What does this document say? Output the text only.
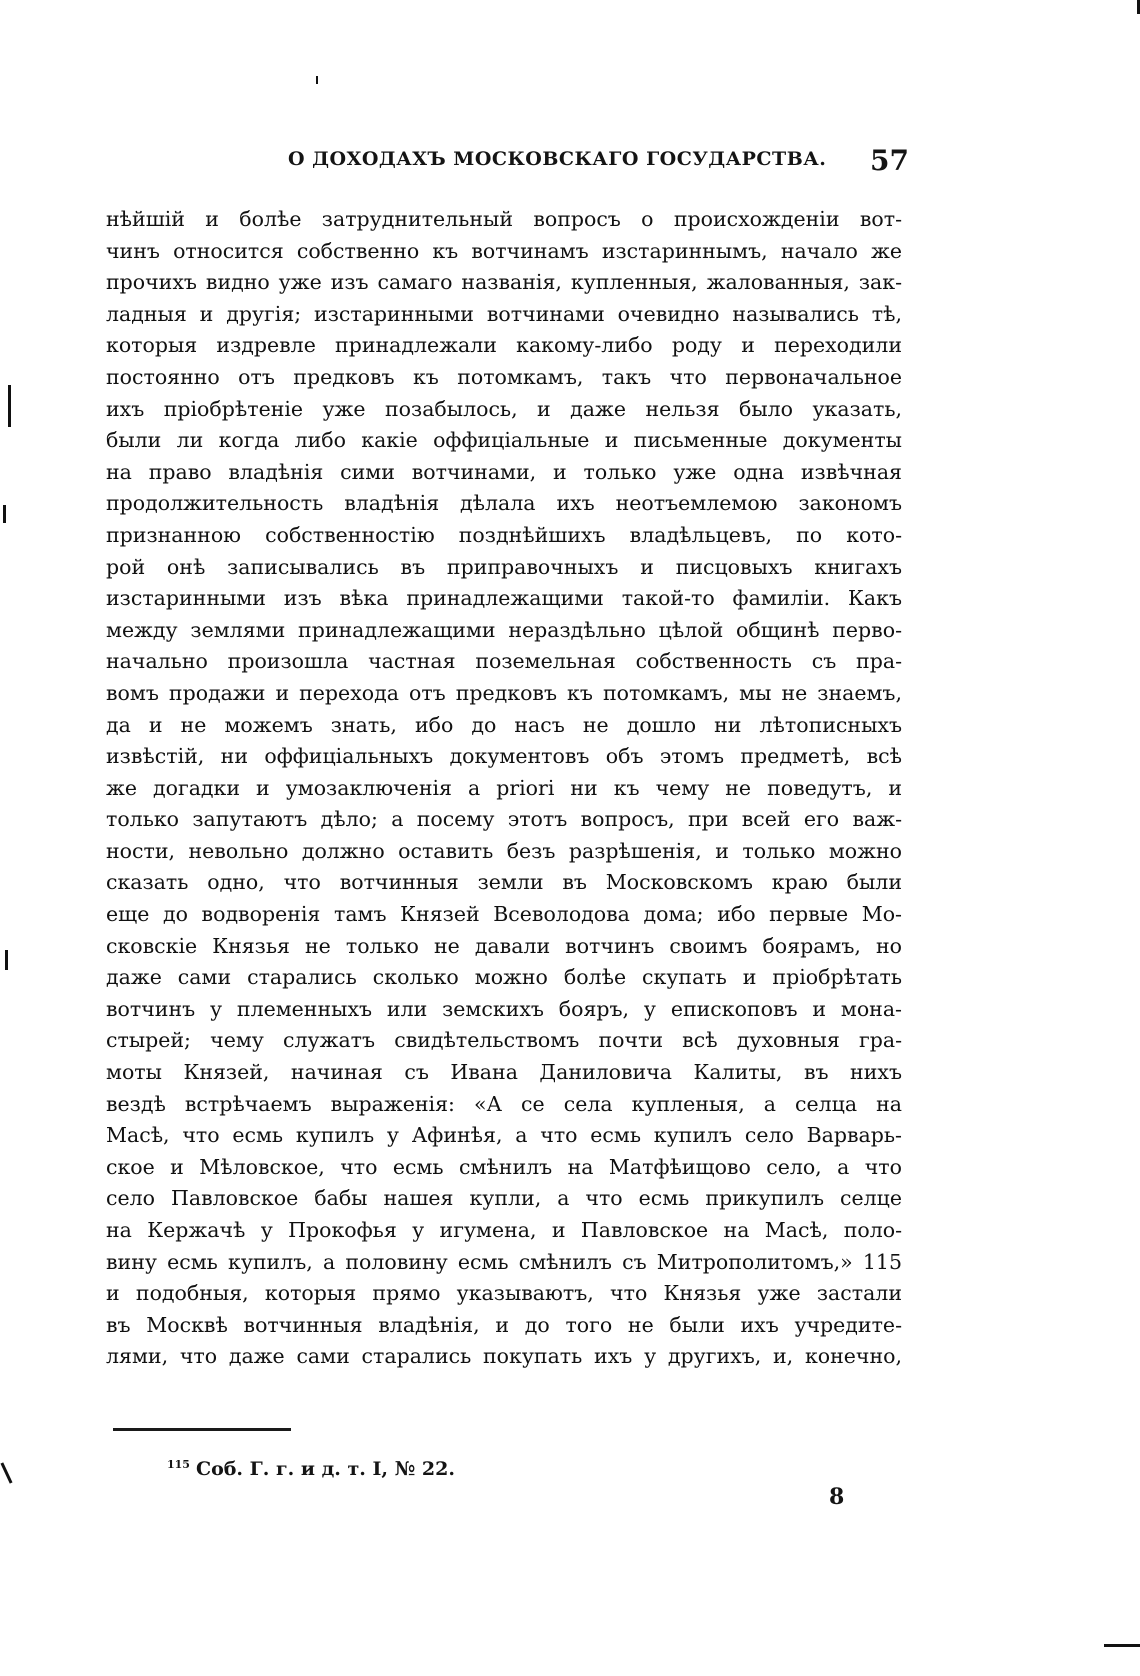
О ДОХОДАХЪ МОСКОВСКАГО ГОСУДАРСТВА. 57
нѣйшій и болѣе затруднительный вопросъ о происхожденіи вот-
чинъ относится собственно къ вотчинамъ изстариннымъ, начало же
прочихъ видно уже изъ самаго названія, купленныя, жалованныя, зак-
ладныя и другія; изстаринными вотчинами очевидно назывались тѣ,
которыя издревле принадлежали какому-либо роду и переходили
постоянно отъ предковъ къ потомкамъ, такъ что первоначальное
ихъ пріобрѣтеніе уже позабылось, и даже нельзя было указать,
были ли когда либо какіе оффиціальные и письменные документы
на право владѣнія сими вотчинами, и только уже одна извѣчная
продолжительность владѣнія дѣлала ихъ неотъемлемою закономъ
признанною собственностію позднѣйшихъ владѣльцевъ, по кото-
рой онѣ записывались въ приправочныхъ и писцовыхъ книгахъ
изстаринными изъ вѣка принадлежащими такой-то фамиліи. Какъ
между землями принадлежащими нераздѣльно цѣлой общинѣ перво-
начально произошла частная поземельная собственность съ пра-
вомъ продажи и перехода отъ предковъ къ потомкамъ, мы не знаемъ,
да и не можемъ знать, ибо до насъ не дошло ни лѣтописныхъ
извѣстій, ни оффиціальныхъ документовъ объ этомъ предметѣ, всѣ
же догадки и умозаключенія a priori ни къ чему не поведутъ, и
только запутаютъ дѣло; а посему этотъ вопросъ, при всей его важ-
ности, невольно должно оставить безъ разрѣшенія, и только можно
сказать одно, что вотчинныя земли въ Московскомъ краю были
еще до водворенія тамъ Князей Всеволодова дома; ибо первые Мо-
сковскіе Князья не только не давали вотчинъ своимъ боярамъ, но
даже сами старались сколько можно болѣе скупать и пріобрѣтать
вотчинъ у племенныхъ или земскихъ бояръ, у епископовъ и мона-
стырей; чему служатъ свидѣтельствомъ почти всѣ духовныя гра-
моты Князей, начиная съ Ивана Даниловича Калиты, въ нихъ
вездѣ встрѣчаемъ выраженія: «А се села купленыя, а селца на
Масѣ, что есмь купилъ у Афинѣя, а что есмь купилъ село Варварь-
ское и Мѣловское, что есмь смѣнилъ на Матфѣищово село, а что
село Павловское бабы нашея купли, а что есмь прикупилъ селце
на Кержачѣ у Прокофья у игумена, и Павловское на Масѣ, поло-
вину есмь купилъ, а половину есмь смѣнилъ съ Митрополитомъ,» 115
и подобныя, которыя прямо указываютъ, что Князья уже застали
въ Москвѣ вотчинныя владѣнія, и до того не были ихъ учредите-
лями, что даже сами старались покупать ихъ у другихъ, и, конечно,
$^{115}$ Соб. Г. г. и д. т. I, № 22.
8
